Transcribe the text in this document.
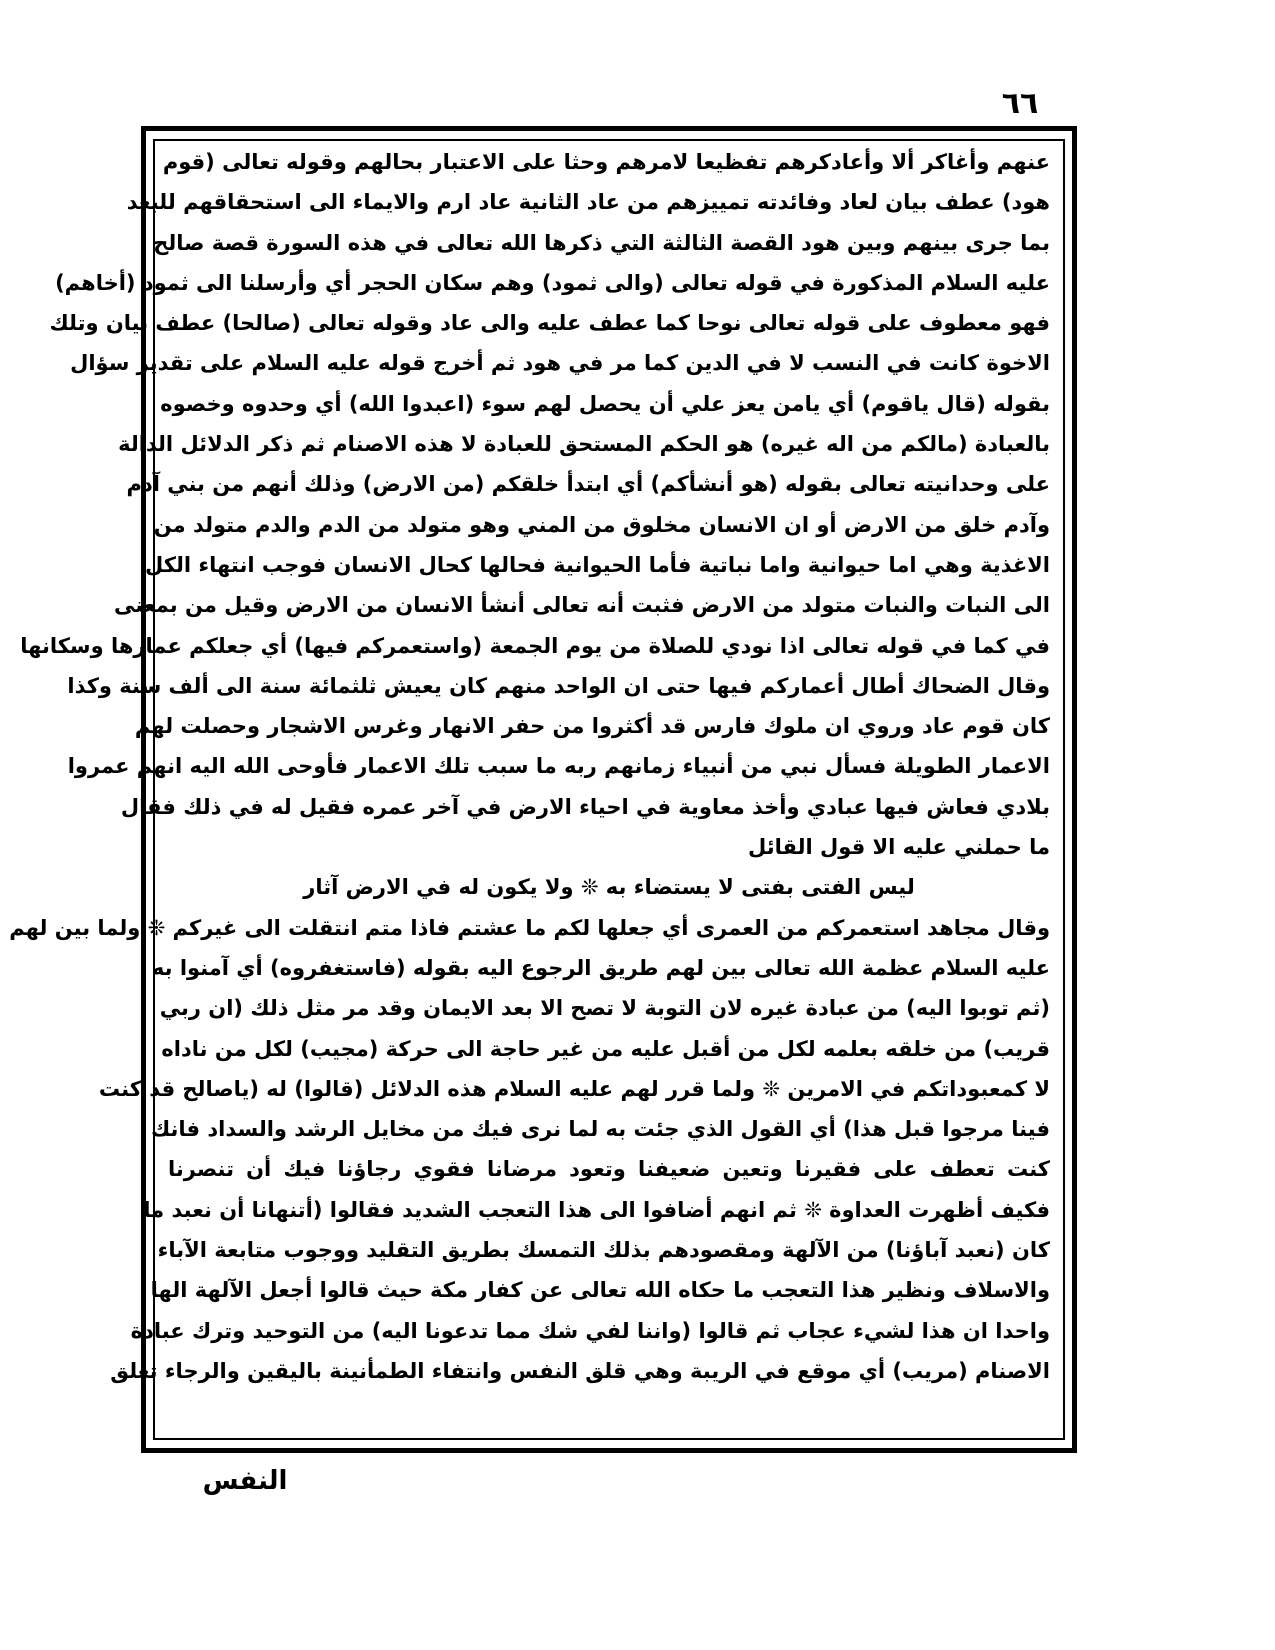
٦٦
عنهم وأغاكر ألا وأعادكرهم تفظيعا لامرهم وحثا على الاعتبار بحالهم وقوله تعالى (قوم
هود) عطف بيان لعاد وفائدته تمييزهم من عاد الثانية عاد ارم والايماء الى استحقاقهم للبعد
بما جرى بينهم وبين هود القصة الثالثة التي ذكرها الله تعالى في هذه السورة قصة صالح
عليه السلام المذكورة في قوله تعالى (والى ثمود) وهم سكان الحجر أي وأرسلنا الى ثمود (أخاهم)
فهو معطوف على قوله تعالى نوحا كما عطف عليه والى عاد وقوله تعالى (صالحا) عطف بيان وتلك
الاخوة كانت في النسب لا في الدين كما مر في هود ثم أخرج قوله عليه السلام على تقدير سؤال
بقوله (قال ياقوم) أي يامن يعز علي أن يحصل لهم سوء (اعبدوا الله) أي وحدوه وخصوه
بالعبادة (مالكم من اله غيره) هو الحكم المستحق للعبادة لا هذه الاصنام ثم ذكر الدلائل الدالة
على وحدانيته تعالى بقوله (هو أنشأكم) أي ابتدأ خلقكم (من الارض) وذلك أنهم من بني آدم
وآدم خلق من الارض أو ان الانسان مخلوق من المني وهو متولد من الدم والدم متولد من
الاغذية وهي اما حيوانية واما نباتية فأما الحيوانية فحالها كحال الانسان فوجب انتهاء الكل
الى النبات والنبات متولد من الارض فثبت أنه تعالى أنشأ الانسان من الارض وقيل من بمعنى
في كما في قوله تعالى اذا نودي للصلاة من يوم الجمعة (واستعمركم فيها) أي جعلكم عمارها وسكانها
وقال الضحاك أطال أعماركم فيها حتى ان الواحد منهم كان يعيش ثلثمائة سنة الى ألف سنة وكذا
كان قوم عاد وروي ان ملوك فارس قد أكثروا من حفر الانهار وغرس الاشجار وحصلت لهم
الاعمار الطويلة فسأل نبي من أنبياء زمانهم ربه ما سبب تلك الاعمار فأوحى الله اليه انهم عمروا
بلادي فعاش فيها عبادي وأخذ معاوية في احياء الارض في آخر عمره فقيل له في ذلك فقال
ما حملني عليه الا قول القائل
ليس الفتى بفتى لا يستضاء به ❊ ولا يكون له في الارض آثار
وقال مجاهد استعمركم من العمرى أي جعلها لكم ما عشتم فاذا متم انتقلت الى غيركم ❊ ولما بين لهم
عليه السلام عظمة الله تعالى بين لهم طريق الرجوع اليه بقوله (فاستغفروه) أي آمنوا به
(ثم توبوا اليه) من عبادة غيره لان التوبة لا تصح الا بعد الايمان وقد مر مثل ذلك (ان ربي
قريب) من خلقه بعلمه لكل من أقبل عليه من غير حاجة الى حركة (مجيب) لكل من ناداه
لا كمعبوداتكم في الامرين ❊ ولما قرر لهم عليه السلام هذه الدلائل (قالوا) له (ياصالح قد كنت
فينا مرجوا قبل هذا) أي القول الذي جئت به لما نرى فيك من مخايل الرشد والسداد فانك
كنت تعطف على فقيرنا وتعين ضعيفنا وتعود مرضانا فقوي رجاؤنا فيك أن تنصرنا
فكيف أظهرت العداوة ❊ ثم انهم أضافوا الى هذا التعجب الشديد فقالوا (أتنهانا أن نعبد ما
كان (نعبد آباؤنا) من الآلهة ومقصودهم بذلك التمسك بطريق التقليد ووجوب متابعة الآباء
والاسلاف ونظير هذا التعجب ما حكاه الله تعالى عن كفار مكة حيث قالوا أجعل الآلهة الها
واحدا ان هذا لشيء عجاب ثم قالوا (واننا لفي شك مما تدعونا اليه) من التوحيد وترك عبادة
الاصنام (مريب) أي موقع في الريبة وهي قلق النفس وانتفاء الطمأنينة باليقين والرجاء تعلق
النفس
